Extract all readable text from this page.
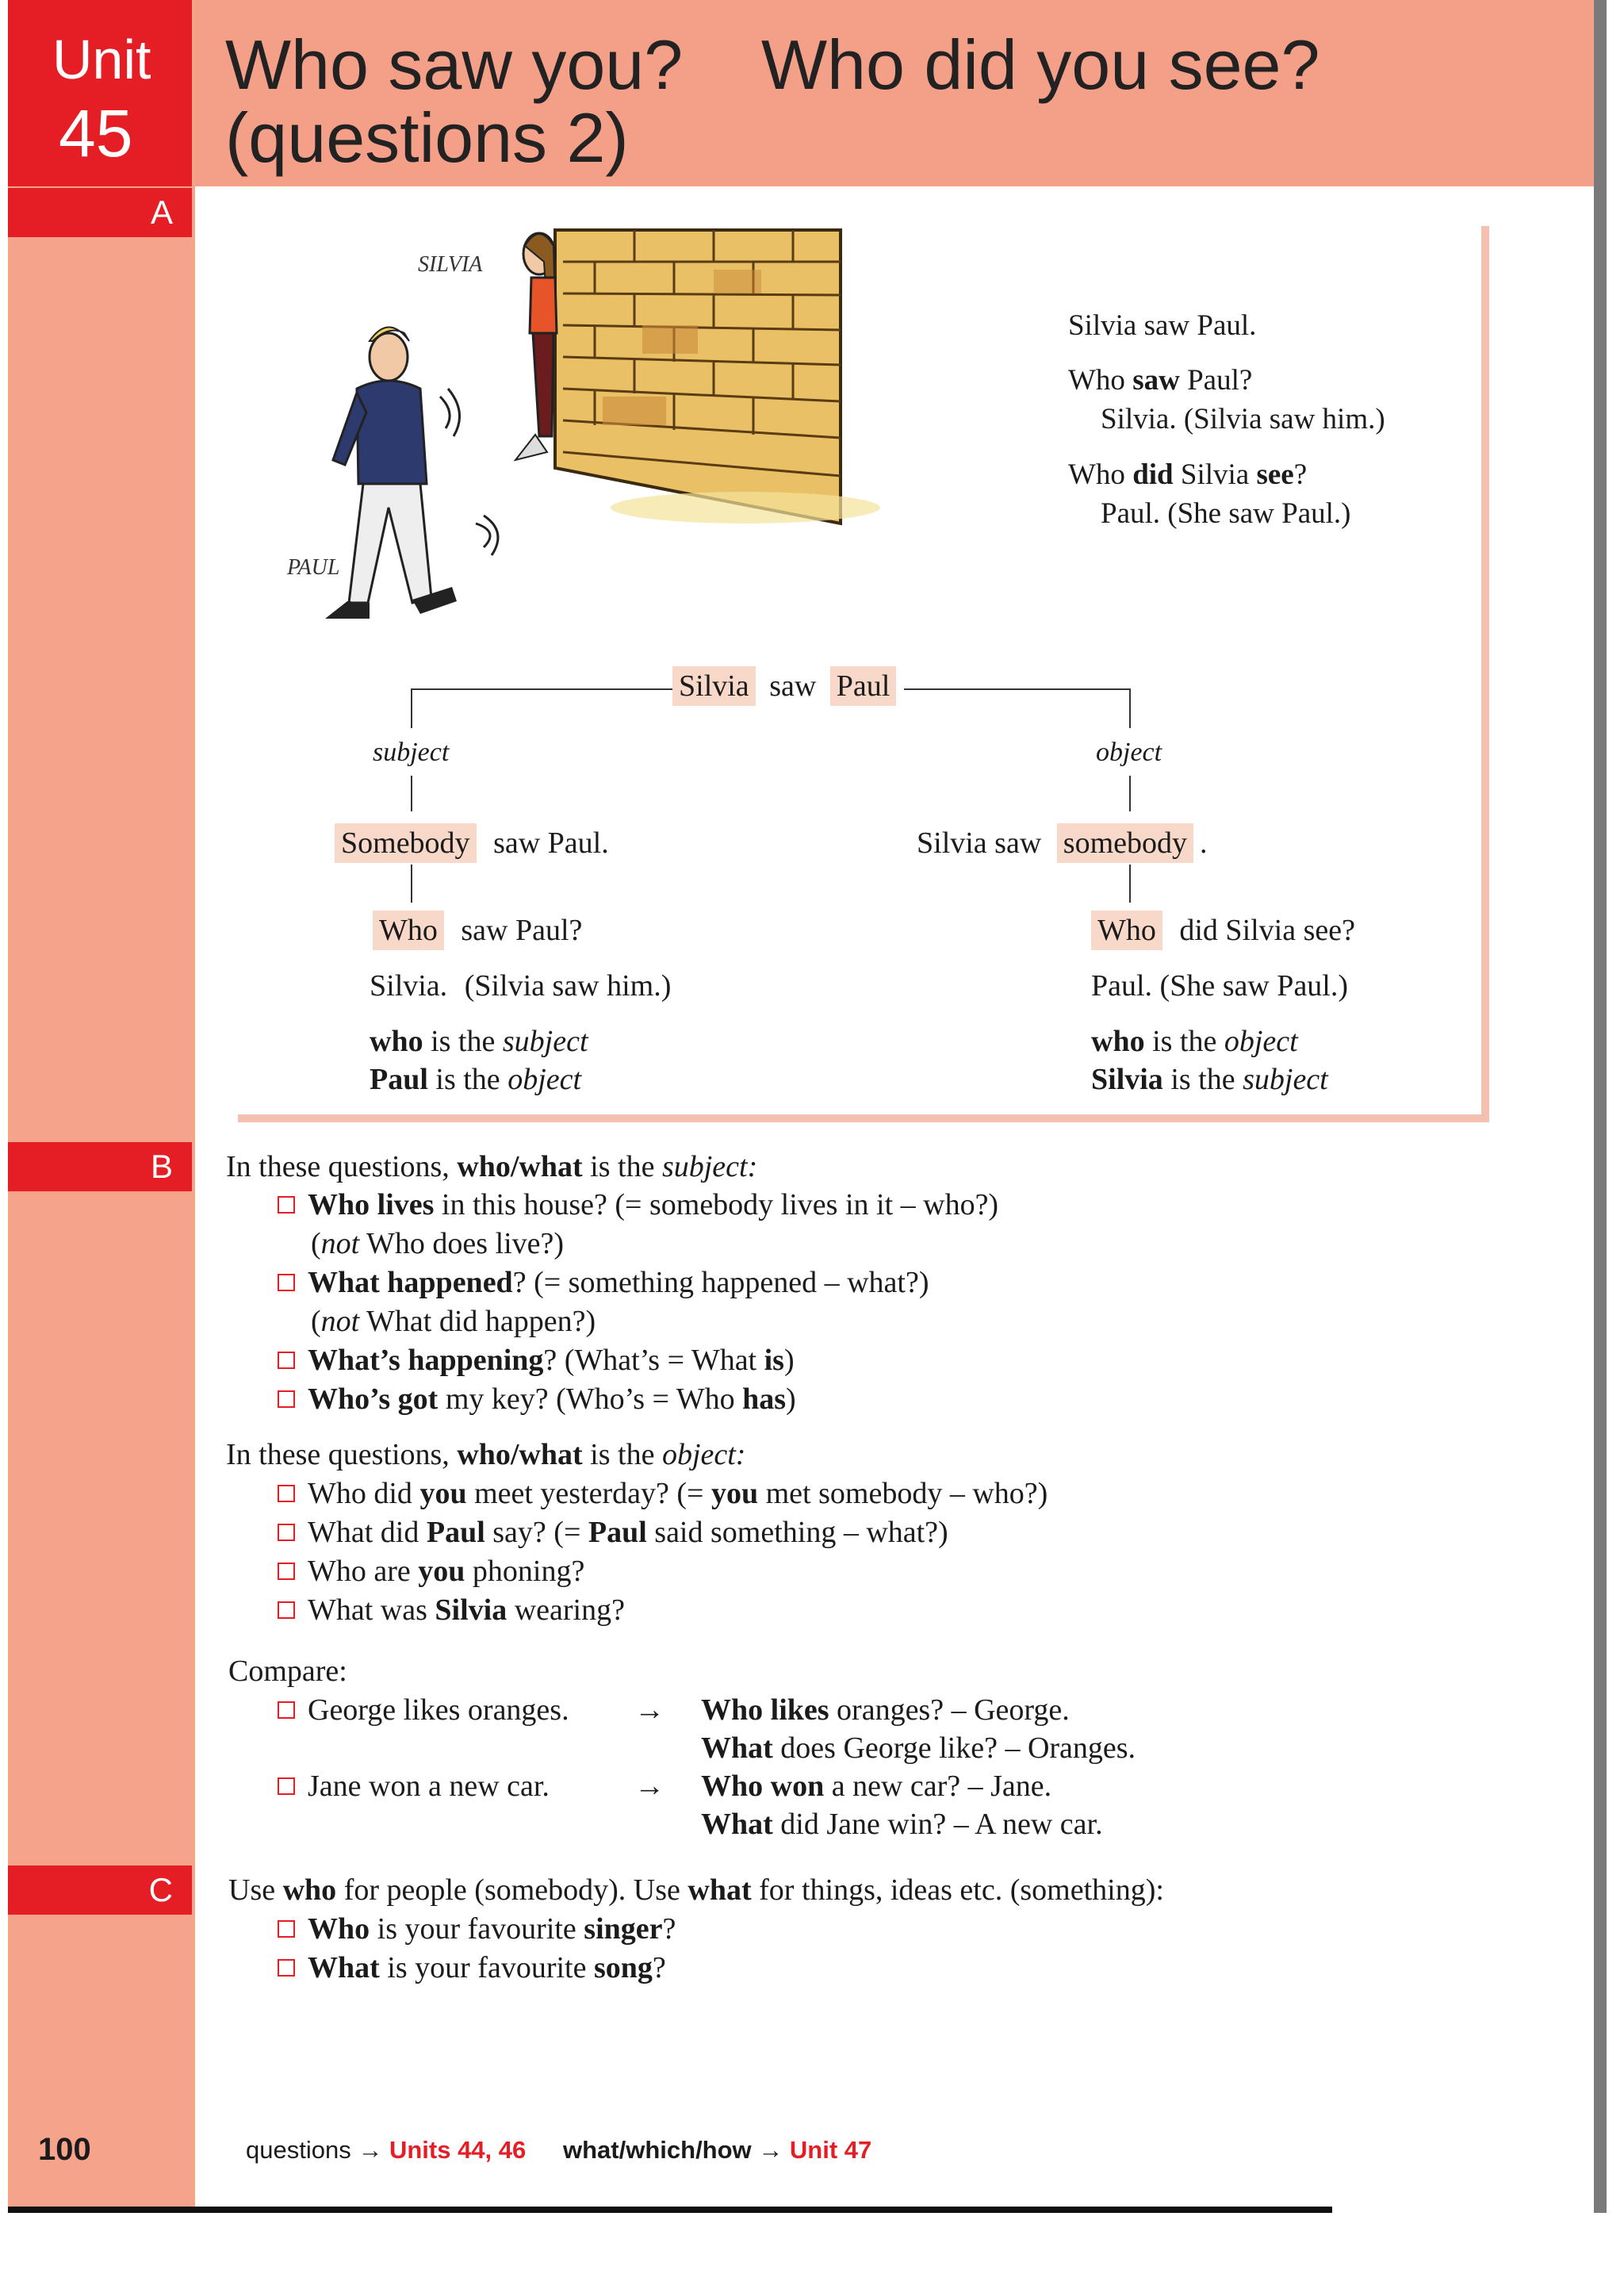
Unit
45
Who saw you? Who did you see?
(questions 2)
A
B
C
SILVIA
PAUL
Silvia saw Paul.
Who saw Paul?
Silvia. (Silvia saw him.)
Who did Silvia see?
Paul. (She saw Paul.)
Silvia saw Paul
subject	object
Somebody saw Paul.	Silvia saw somebody .
Who saw Paul?	Who did Silvia see?
Silvia. (Silvia saw him.)	Paul. (She saw Paul.)
who is the subject
Paul is the object
who is the object
Silvia is the subject
In these questions, who/what is the subject:
Who lives in this house? (= somebody lives in it – who?)
(not Who does live?)
What happened? (= something happened – what?)
(not What did happen?)
What’s happening? (What’s = What is)
Who’s got my key? (Who’s = Who has)
In these questions, who/what is the object:
Who did you meet yesterday? (= you met somebody – who?)
What did Paul say? (= Paul said something – what?)
Who are you phoning?
What was Silvia wearing?
Compare:
George likes oranges. → Who likes oranges? – George.
What does George like? – Oranges.
Jane won a new car.	→ Who won a new car? – Jane.
What did Jane win? – A new car.
Use who for people (somebody). Use what for things, ideas etc. (something):
Who is your favourite singer?
What is your favourite song?
100	questions → Units 44, 46 what/which/how → Unit 47
